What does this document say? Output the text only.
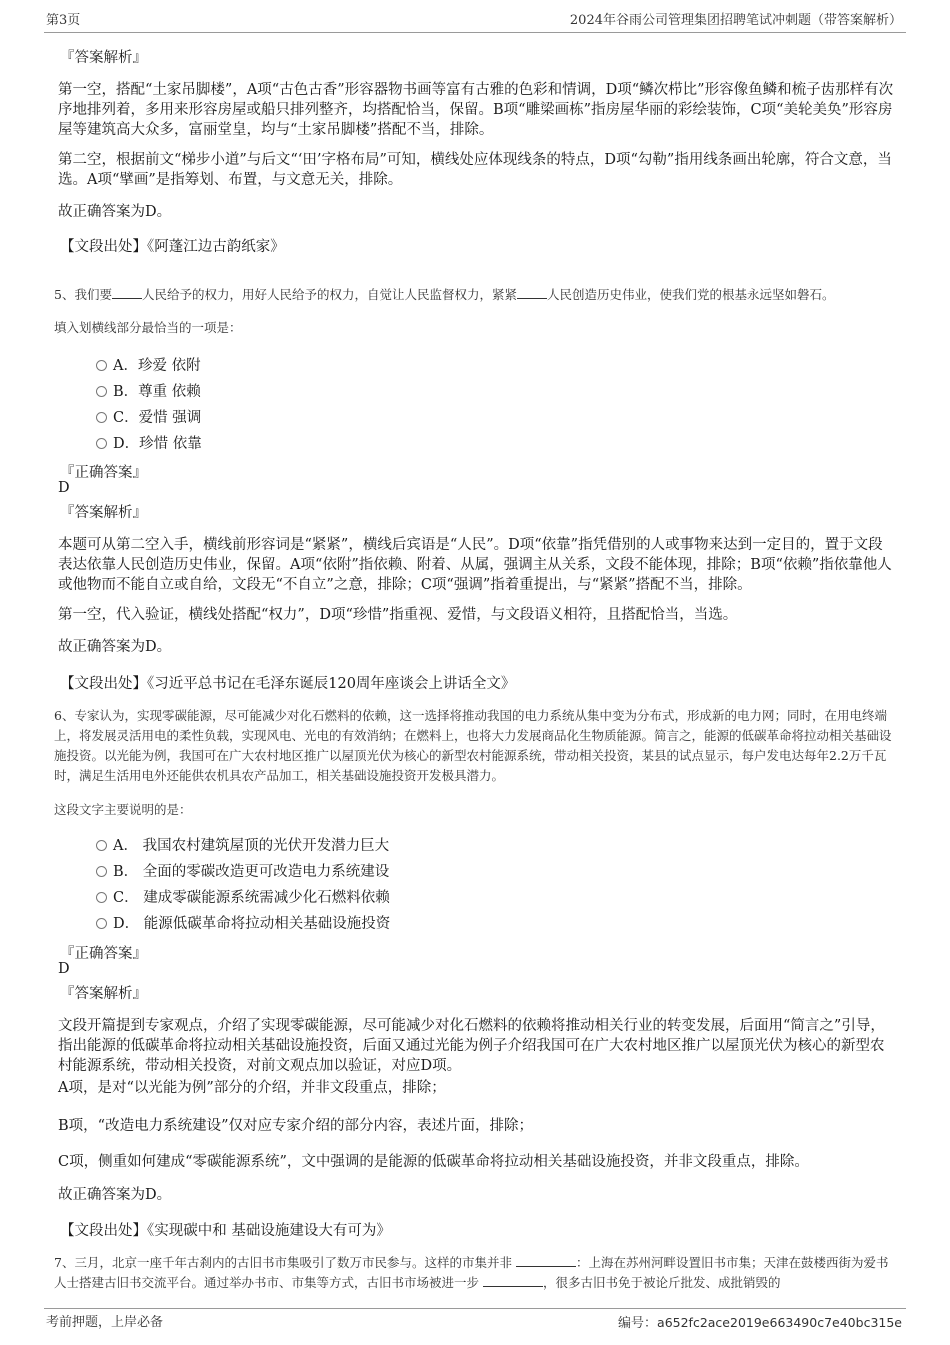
第3页	2024年谷雨公司管理集团招聘笔试冲刺题（带答案解析）
『答案解析』

第一空，搭配“土家吊脚楼”，A项“古色古香”形容器物书画等富有古雅的色彩和情调，D项“鳞次栉比”形容像鱼鳞和梳子齿那样有次序地排列着，多用来形容房屋或船只排列整齐，均搭配恰当，保留。B项“雕梁画栋”指房屋华丽的彩绘装饰，C项“美轮美奂”形容房屋等建筑高大众多，富丽堂皇，均与“土家吊脚楼”搭配不当，排除。

第二空，根据前文“梯步小道”与后文“‘田’字格布局”可知，横线处应体现线条的特点，D项“勾勒”指用线条画出轮廓，符合文意，当选。A项“擘画”是指筹划、布置，与文意无关，排除。

故正确答案为D。

【文段出处】《阿蓬江边古韵纸家》

5、我们要 人民给予的权力，用好人民给予的权力，自觉让人民监督权力，紧紧 人民创造历史伟业，使我们党的根基永远坚如磐石。

填入划横线部分最恰当的一项是：

A．珍爱 依附
B．尊重 依赖
C．爱惜 强调
D．珍惜 依靠
『正确答案』
D
『答案解析』

本题可从第二空入手，横线前形容词是“紧紧”，横线后宾语是“人民”。D项“依靠”指凭借别的人或事物来达到一定目的，置于文段表达依靠人民创造历史伟业，保留。A项“依附”指依赖、附着、从属，强调主从关系，文段不能体现，排除；B项“依赖”指依靠他人或他物而不能自立或自给，文段无“不自立”之意，排除；C项“强调”指着重提出，与“紧紧”搭配不当，排除。

第一空，代入验证，横线处搭配“权力”，D项“珍惜”指重视、爱惜，与文段语义相符，且搭配恰当，当选。

故正确答案为D。

【文段出处】《习近平总书记在毛泽东诞辰120周年座谈会上讲话全文》

6、专家认为，实现零碳能源，尽可能减少对化石燃料的依赖，这一选择将推动我国的电力系统从集中变为分布式，形成新的电力网；同时，在用电终端上，将发展灵活用电的柔性负载，实现风电、光电的有效消纳；在燃料上，也将大力发展商品化生物质能源。简言之，能源的低碳革命将拉动相关基础设施投资。以光能为例，我国可在广大农村地区推广以屋顶光伏为核心的新型农村能源系统，带动相关投资，某县的试点显示，每户发电达每年2.2万千瓦时，满足生活用电外还能供农机具农产品加工，相关基础设施投资开发极具潜力。

这段文字主要说明的是：

A． 我国农村建筑屋顶的光伏开发潜力巨大
B． 全面的零碳改造更可改造电力系统建设
C． 建成零碳能源系统需减少化石燃料依赖
D． 能源低碳革命将拉动相关基础设施投资
『正确答案』
D
『答案解析』

文段开篇提到专家观点，介绍了实现零碳能源，尽可能减少对化石燃料的依赖将推动相关行业的转变发展，后面用“简言之”引导，指出能源的低碳革命将拉动相关基础设施投资，后面又通过光能为例子介绍我国可在广大农村地区推广以屋顶光伏为核心的新型农村能源系统，带动相关投资，对前文观点加以验证，对应D项。

A项，是对“以光能为例”部分的介绍，并非文段重点，排除；

B项，“改造电力系统建设”仅对应专家介绍的部分内容，表述片面，排除；

C项，侧重如何建成“零碳能源系统”，文中强调的是能源的低碳革命将拉动相关基础设施投资，并非文段重点，排除。

故正确答案为D。

【文段出处】《实现碳中和 基础设施建设大有可为》

7、三月，北京一座千年古刹内的古旧书市集吸引了数万市民参与。这样的市集并非	：上海在苏州河畔设置旧书市集；天津在鼓楼西街为爱书人士搭建古旧书交流平台。通过举办书市、市集等方式，古旧书市场被进一步	，很多古旧书免于被论斤批发、成批销毁的

考前押题，上岸必备	编号：a652fc2ace2019e663490c7e40bc315e
